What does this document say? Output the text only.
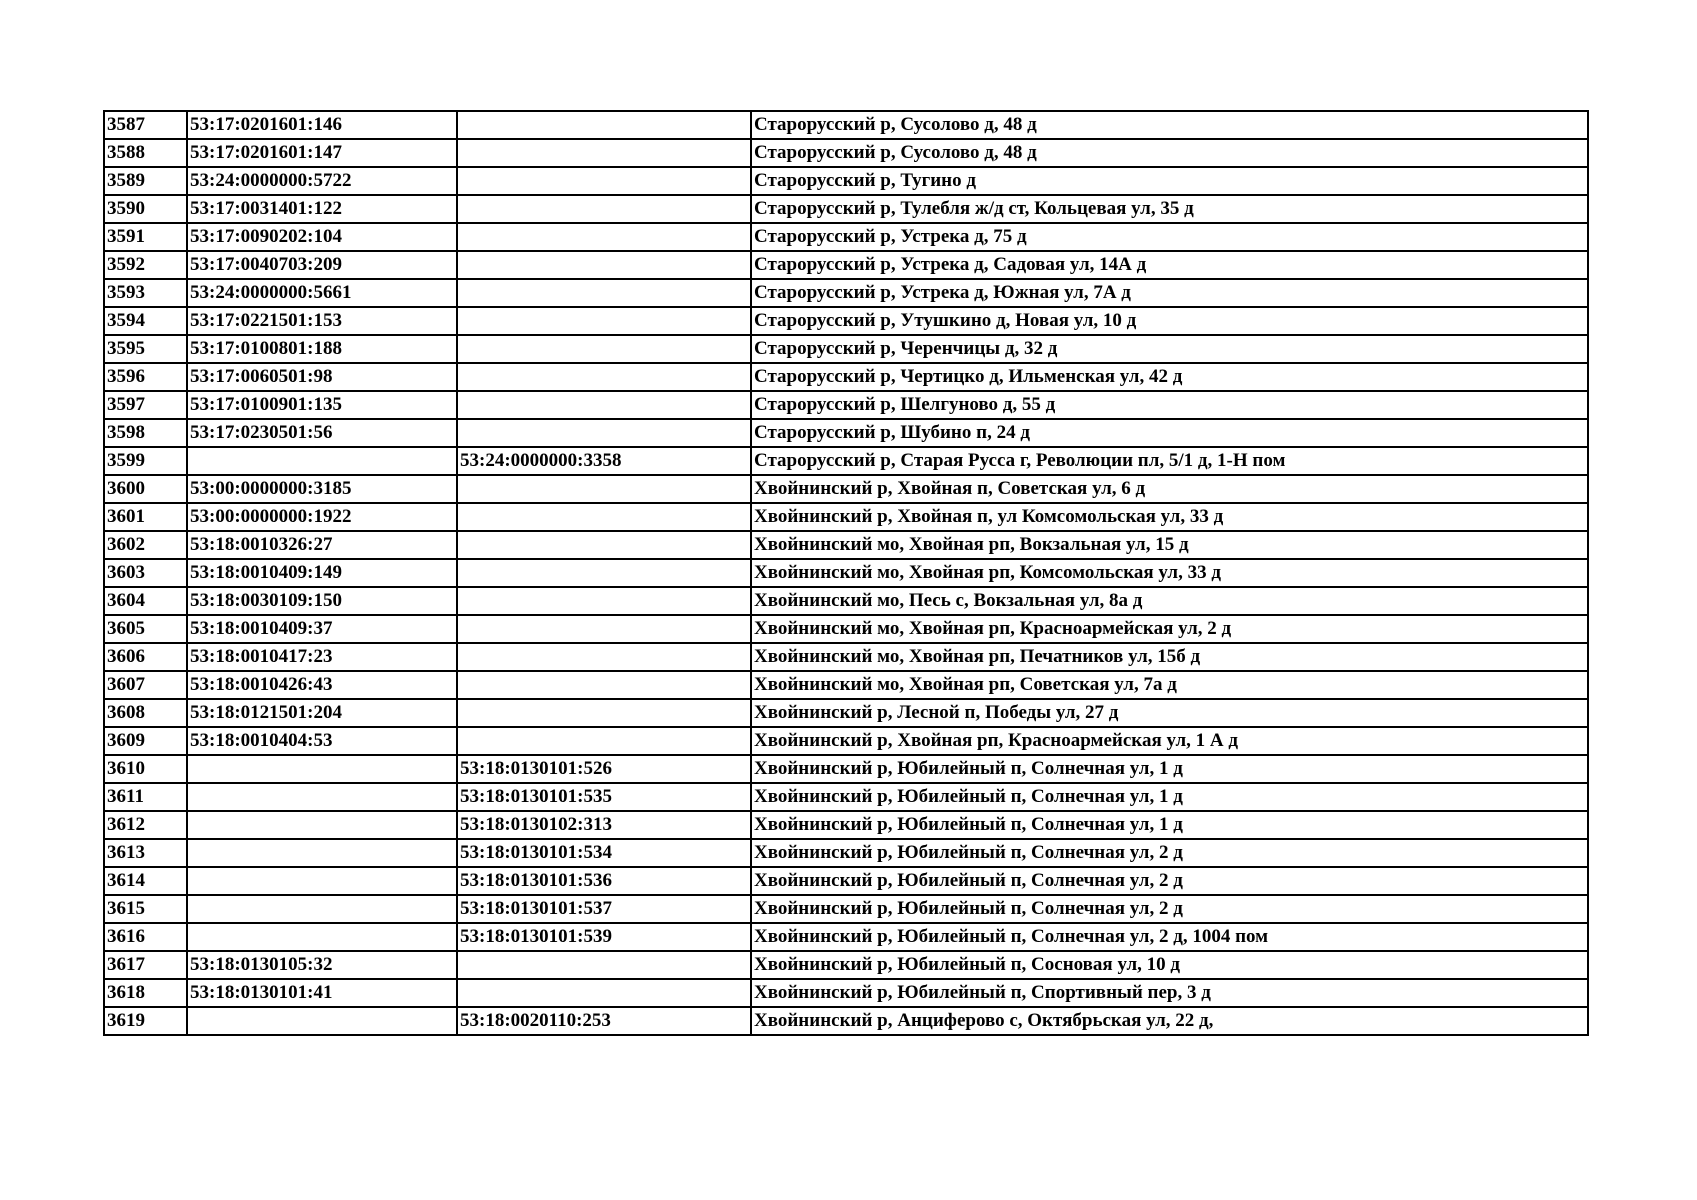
3587	53:17:0201601:146		Старорусский р, Сусолово д, 48 д
3588	53:17:0201601:147		Старорусский р, Сусолово д, 48 д
3589	53:24:0000000:5722		Старорусский р, Тугино д
3590	53:17:0031401:122		Старорусский р, Тулебля ж/д ст, Кольцевая ул, 35 д
3591	53:17:0090202:104		Старорусский р, Устрека д, 75 д
3592	53:17:0040703:209		Старорусский р, Устрека д, Садовая ул, 14А д
3593	53:24:0000000:5661		Старорусский р, Устрека д, Южная ул, 7А д
3594	53:17:0221501:153		Старорусский р, Утушкино д, Новая ул, 10 д
3595	53:17:0100801:188		Старорусский р, Черенчицы д, 32 д
3596	53:17:0060501:98		Старорусский р, Чертицко д, Ильменская ул, 42 д
3597	53:17:0100901:135		Старорусский р, Шелгуново д, 55 д
3598	53:17:0230501:56		Старорусский р, Шубино п, 24 д
3599		53:24:0000000:3358	Старорусский р, Старая Русса г, Революции пл, 5/1 д, 1-Н пом
3600	53:00:0000000:3185		Хвойнинский р, Хвойная п, Советская ул, 6 д
3601	53:00:0000000:1922		Хвойнинский р, Хвойная п, ул Комсомольская ул, 33 д
3602	53:18:0010326:27		Хвойнинский мо, Хвойная рп, Вокзальная ул, 15 д
3603	53:18:0010409:149		Хвойнинский мо, Хвойная рп, Комсомольская ул, 33 д
3604	53:18:0030109:150		Хвойнинский мо, Песь с, Вокзальная ул, 8а д
3605	53:18:0010409:37		Хвойнинский мо, Хвойная рп, Красноармейская ул, 2 д
3606	53:18:0010417:23		Хвойнинский мо, Хвойная рп, Печатников ул, 15б д
3607	53:18:0010426:43		Хвойнинский мо, Хвойная рп, Советская ул, 7а д
3608	53:18:0121501:204		Хвойнинский р, Лесной п, Победы ул, 27 д
3609	53:18:0010404:53		Хвойнинский р, Хвойная рп, Красноармейская ул, 1 А д
3610		53:18:0130101:526	Хвойнинский р, Юбилейный п, Солнечная ул, 1 д
3611		53:18:0130101:535	Хвойнинский р, Юбилейный п, Солнечная ул, 1 д
3612		53:18:0130102:313	Хвойнинский р, Юбилейный п, Солнечная ул, 1 д
3613		53:18:0130101:534	Хвойнинский р, Юбилейный п, Солнечная ул, 2 д
3614		53:18:0130101:536	Хвойнинский р, Юбилейный п, Солнечная ул, 2 д
3615		53:18:0130101:537	Хвойнинский р, Юбилейный п, Солнечная ул, 2 д
3616		53:18:0130101:539	Хвойнинский р, Юбилейный п, Солнечная ул, 2 д, 1004 пом
3617	53:18:0130105:32		Хвойнинский р, Юбилейный п, Сосновая ул, 10 д
3618	53:18:0130101:41		Хвойнинский р, Юбилейный п, Спортивный пер, 3 д
3619		53:18:0020110:253	Хвойнинский р, Анциферово с, Октябрьская ул, 22 д,
